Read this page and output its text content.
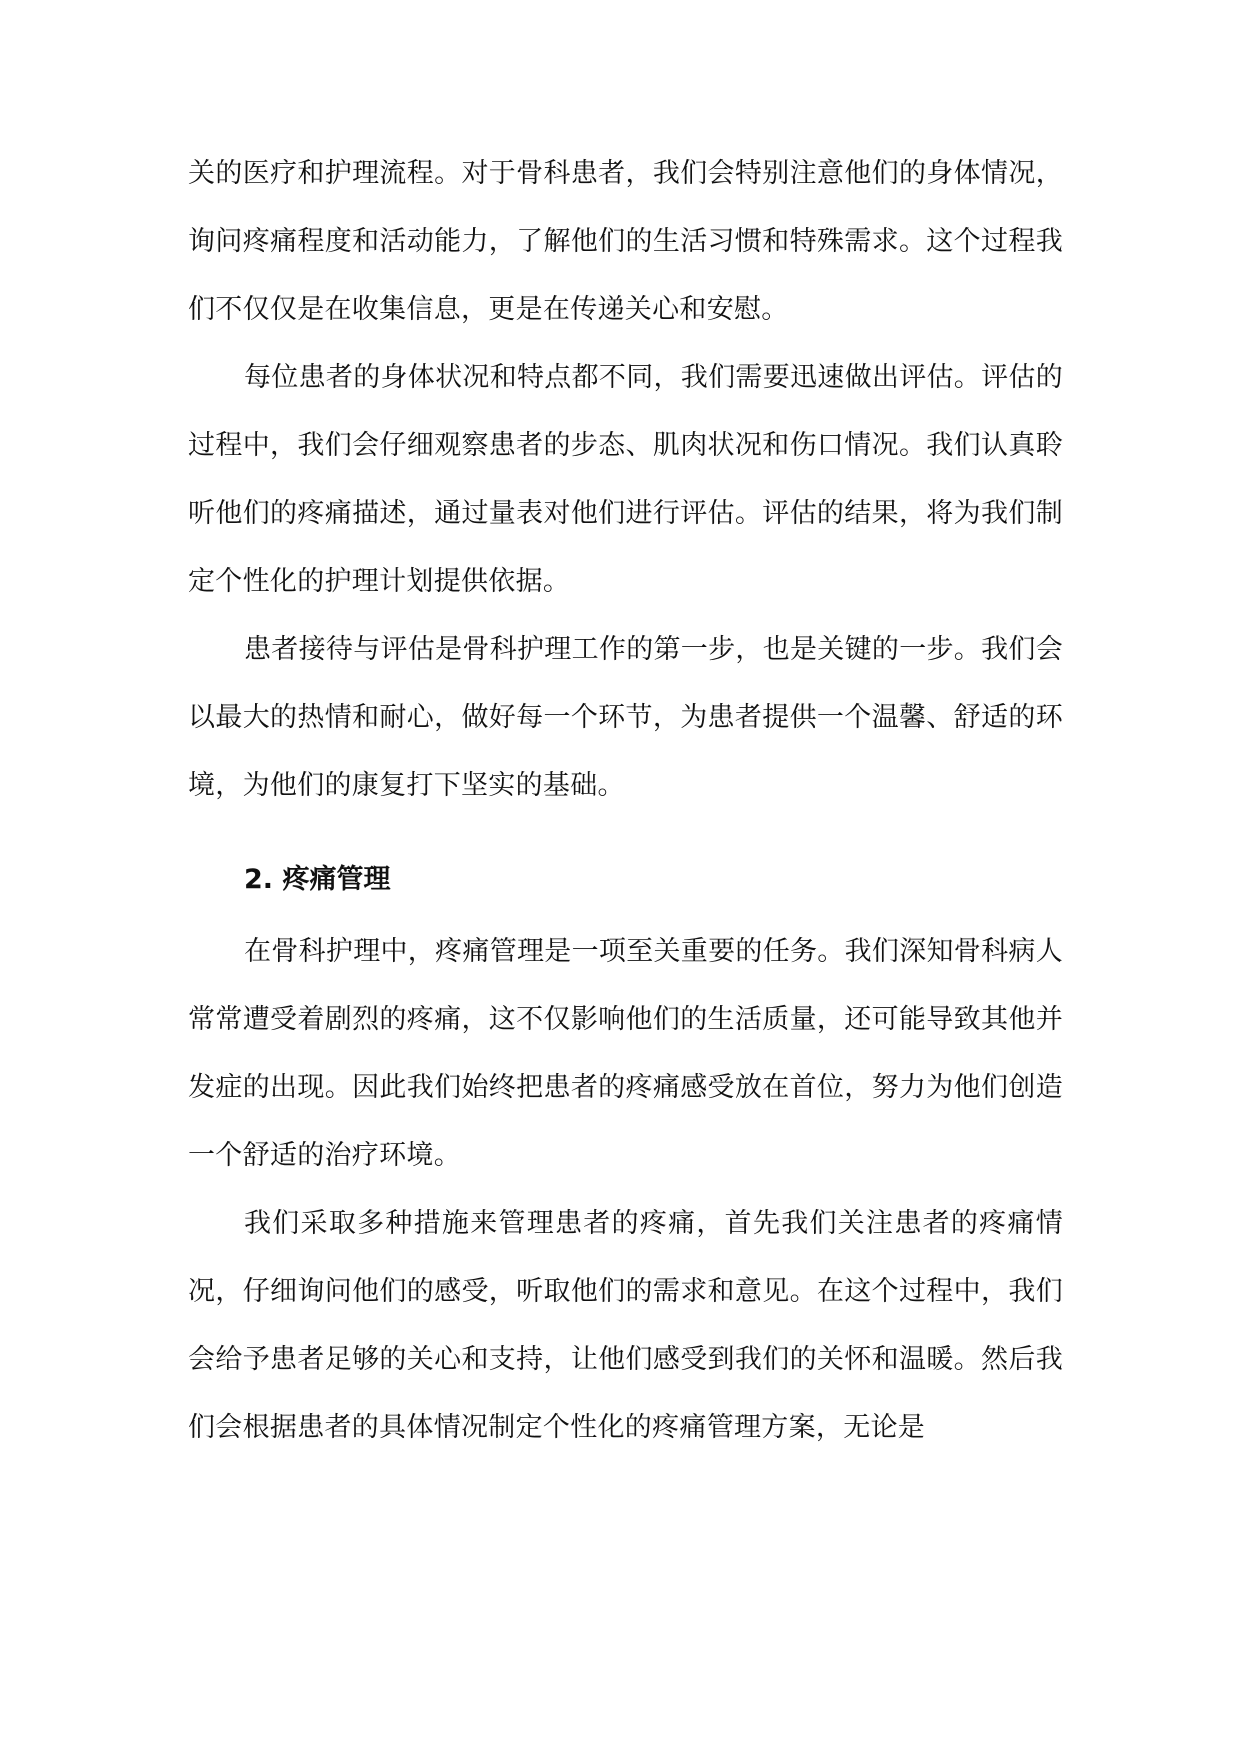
关的医疗和护理流程。对于骨科患者，我们会特别注意他们的身体情况，询问疼痛程度和活动能力，了解他们的生活习惯和特殊需求。这个过程我们不仅仅是在收集信息，更是在传递关心和安慰。

每位患者的身体状况和特点都不同，我们需要迅速做出评估。评估的过程中，我们会仔细观察患者的步态、肌肉状况和伤口情况。我们认真聆听他们的疼痛描述，通过量表对他们进行评估。评估的结果，将为我们制定个性化的护理计划提供依据。

患者接待与评估是骨科护理工作的第一步，也是关键的一步。我们会以最大的热情和耐心，做好每一个环节，为患者提供一个温馨、舒适的环境，为他们的康复打下坚实的基础。

2. 疼痛管理

在骨科护理中，疼痛管理是一项至关重要的任务。我们深知骨科病人常常遭受着剧烈的疼痛，这不仅影响他们的生活质量，还可能导致其他并发症的出现。因此我们始终把患者的疼痛感受放在首位，努力为他们创造一个舒适的治疗环境。

我们采取多种措施来管理患者的疼痛，首先我们关注患者的疼痛情况，仔细询问他们的感受，听取他们的需求和意见。在这个过程中，我们会给予患者足够的关心和支持，让他们感受到我们的关怀和温暖。然后我们会根据患者的具体情况制定个性化的疼痛管理方案，无论是
